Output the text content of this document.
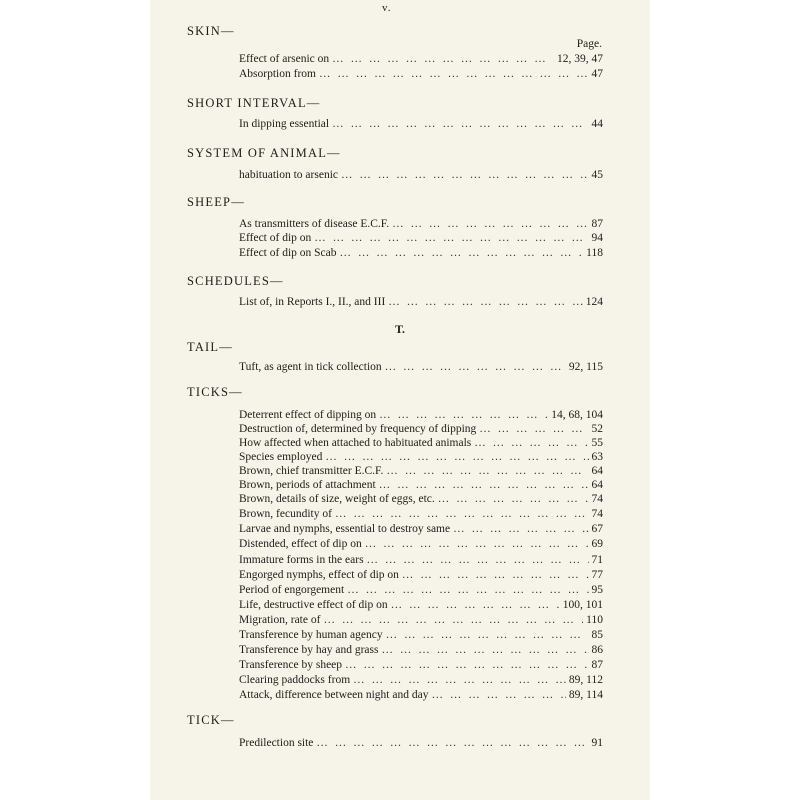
v.
Page.
T.
SKIN—
Effect of arsenic on … … … … … … … … … … … … … … … … … … … … … … … … … … … … … … … … … … … …	12, 39, 47
Absorption from … … … … … … … … … … … … … … … … … … … … … … … … … … … … … … … … … … … …	47
SHORT INTERVAL—
In dipping essential … … … … … … … … … … … … … … … … … … … … … … … … … … … … … … … … … … … …	44
SYSTEM OF ANIMAL—
habituation to arsenic … … … … … … … … … … … … … … … … … … … … … … … … … … … … … … … … … … … …	45
SHEEP—
As transmitters of disease E.C.F. … … … … … … … … … … … … … … … … … … … … … … … … … … … … … … … … … … … …	87
Effect of dip on … … … … … … … … … … … … … … … … … … … … … … … … … … … … … … … … … … … …	94
Effect of dip on Scab … … … … … … … … … … … … … … … … … … … … … … … … … … … … … … … … … … … …	118
SCHEDULES—
List of, in Reports I., II., and III … … … … … … … … … … … … … … … … … … … … … … … … … … … … … … … … … … … …	124
TAIL—
Tuft, as agent in tick collection … … … … … … … … … … … … … … … … … … … … … … … … … … … … … … … … … … … …	92, 115
TICKS—
Deterrent effect of dipping on … … … … … … … … … … … … … … … … … … … … … … … … … … … … … … … … … … … …	14, 68, 104
Destruction of, determined by frequency of dipping … … … … … … … … … … … … … … … … … … … … … … … … … … … … … … … … … … … …	52
How affected when attached to habituated animals … … … … … … … … … … … … … … … … … … … … … … … … … … … … … … … … … … … …	55
Species employed … … … … … … … … … … … … … … … … … … … … … … … … … … … … … … … … … … … …	63
Brown, chief transmitter E.C.F. … … … … … … … … … … … … … … … … … … … … … … … … … … … … … … … … … … … …	64
Brown, periods of attachment … … … … … … … … … … … … … … … … … … … … … … … … … … … … … … … … … … … …	64
Brown, details of size, weight of eggs, etc. … … … … … … … … … … … … … … … … … … … … … … … … … … … … … … … … … … … …	74
Brown, fecundity of … … … … … … … … … … … … … … … … … … … … … … … … … … … … … … … … … … … …	74
Larvae and nymphs, essential to destroy same … … … … … … … … … … … … … … … … … … … … … … … … … … … … … … … … … … … …	67
Distended, effect of dip on … … … … … … … … … … … … … … … … … … … … … … … … … … … … … … … … … … … …	69
Immature forms in the ears … … … … … … … … … … … … … … … … … … … … … … … … … … … … … … … … … … … …	71
Engorged nymphs, effect of dip on … … … … … … … … … … … … … … … … … … … … … … … … … … … … … … … … … … … …	77
Period of engorgement … … … … … … … … … … … … … … … … … … … … … … … … … … … … … … … … … … … …	95
Life, destructive effect of dip on … … … … … … … … … … … … … … … … … … … … … … … … … … … … … … … … … … … …	100, 101
Migration, rate of … … … … … … … … … … … … … … … … … … … … … … … … … … … … … … … … … … … …	110
Transference by human agency … … … … … … … … … … … … … … … … … … … … … … … … … … … … … … … … … … … …	85
Transference by hay and grass … … … … … … … … … … … … … … … … … … … … … … … … … … … … … … … … … … … …	86
Transference by sheep … … … … … … … … … … … … … … … … … … … … … … … … … … … … … … … … … … … …	87
Clearing paddocks from … … … … … … … … … … … … … … … … … … … … … … … … … … … … … … … … … … … …	89, 112
Attack, difference between night and day … … … … … … … … … … … … … … … … … … … … … … … … … … … … … … … … … … … …	89, 114
TICK—
Predilection site … … … … … … … … … … … … … … … … … … … … … … … … … … … … … … … … … … … …	91
